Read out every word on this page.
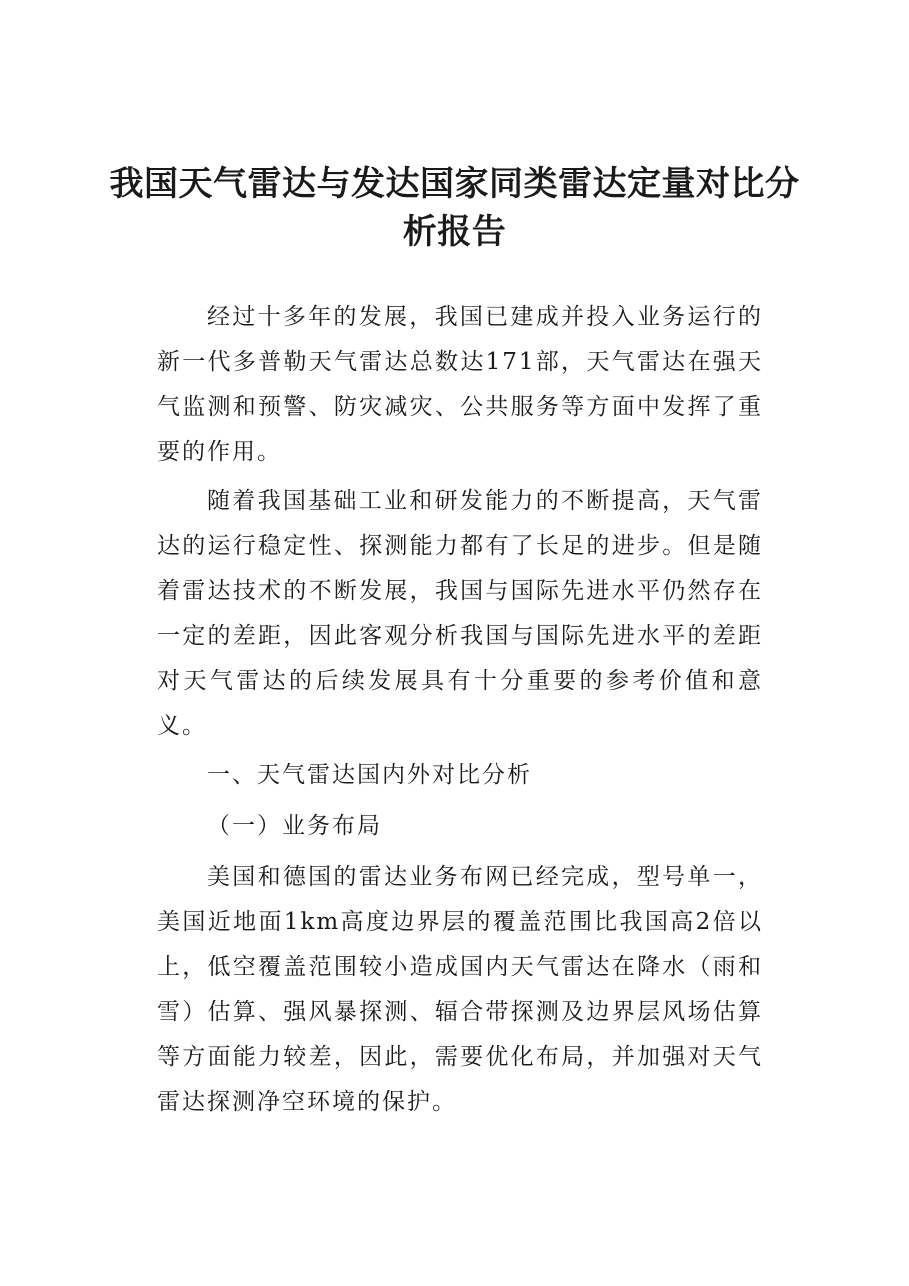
我国天气雷达与发达国家同类雷达定量对比分析报告

经过十多年的发展，我国已建成并投入业务运行的新一代多普勒天气雷达总数达171部，天气雷达在强天气监测和预警、防灾减灾、公共服务等方面中发挥了重要的作用。

随着我国基础工业和研发能力的不断提高，天气雷达的运行稳定性、探测能力都有了长足的进步。但是随着雷达技术的不断发展，我国与国际先进水平仍然存在一定的差距，因此客观分析我国与国际先进水平的差距对天气雷达的后续发展具有十分重要的参考价值和意义。

一、天气雷达国内外对比分析

（一）业务布局

美国和德国的雷达业务布网已经完成，型号单一，美国近地面1km高度边界层的覆盖范围比我国高2倍以上，低空覆盖范围较小造成国内天气雷达在降水（雨和雪）估算、强风暴探测、辐合带探测及边界层风场估算等方面能力较差，因此，需要优化布局，并加强对天气雷达探测净空环境的保护。
